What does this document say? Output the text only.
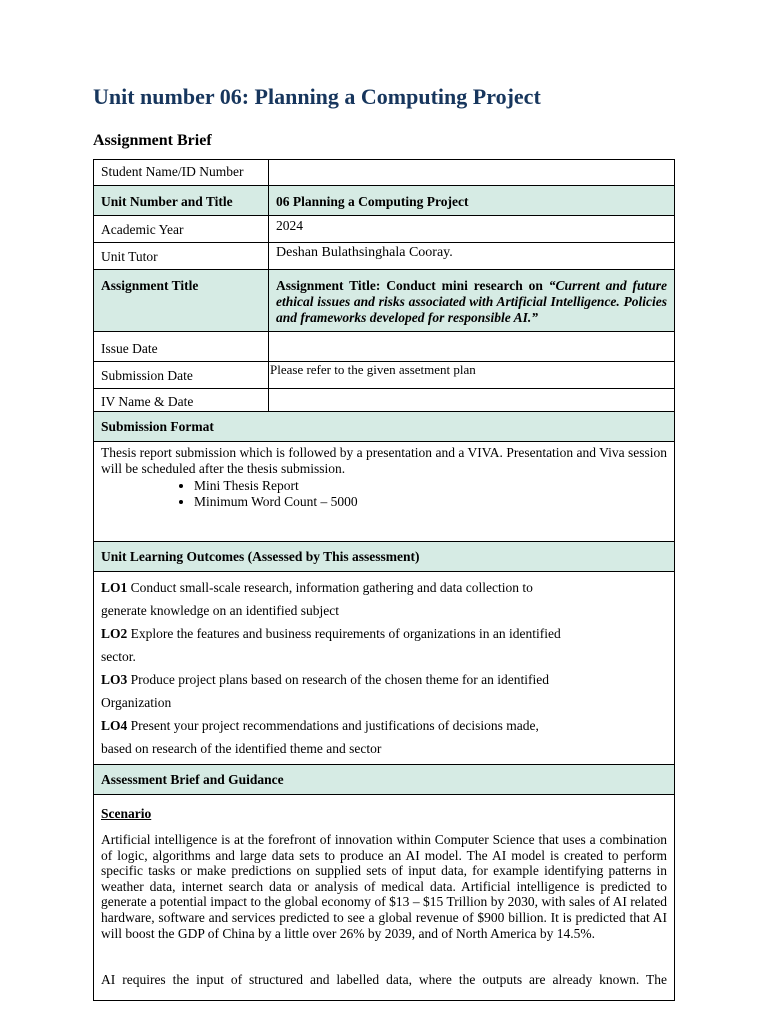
Unit number 06: Planning a Computing Project
Assignment Brief
Student Name/ID Number	
Unit Number and Title	06 Planning a Computing Project
Academic Year	2024
Unit Tutor	Deshan Bulathsinghala Cooray.
Assignment Title	Assignment Title: Conduct mini research on “Current and future ethical issues and risks associated with Artificial Intelligence. Policies and frameworks developed for responsible AI.”
Issue Date	
Submission Date	Please refer to the given assetment plan
IV Name & Date	
Submission Format

Thesis report submission which is followed by a presentation and a VIVA. Presentation and Viva session will be scheduled after the thesis submission.

• Mini Thesis Report
• Minimum Word Count – 5000
Unit Learning Outcomes (Assessed by This assessment)

LO1 Conduct small-scale research, information gathering and data collection to

generate knowledge on an identified subject

LO2 Explore the features and business requirements of organizations in an identified

sector.

LO3 Produce project plans based on research of the chosen theme for an identified

Organization

LO4 Present your project recommendations and justifications of decisions made,

based on research of the identified theme and sector

Assessment Brief and Guidance

Scenario

Artificial intelligence is at the forefront of innovation within Computer Science that uses a combination of logic, algorithms and large data sets to produce an AI model. The AI model is created to perform specific tasks or make predictions on supplied sets of input data, for example identifying patterns in weather data, internet search data or analysis of medical data. Artificial intelligence is predicted to generate a potential impact to the global economy of $13 – $15 Trillion by 2030, with sales of AI related hardware, software and services predicted to see a global revenue of $900 billion. It is predicted that AI will boost the GDP of China by a little over 26% by 2039, and of North America by 14.5%.

AI requires the input of structured and labelled data, where the outputs are already known. The
